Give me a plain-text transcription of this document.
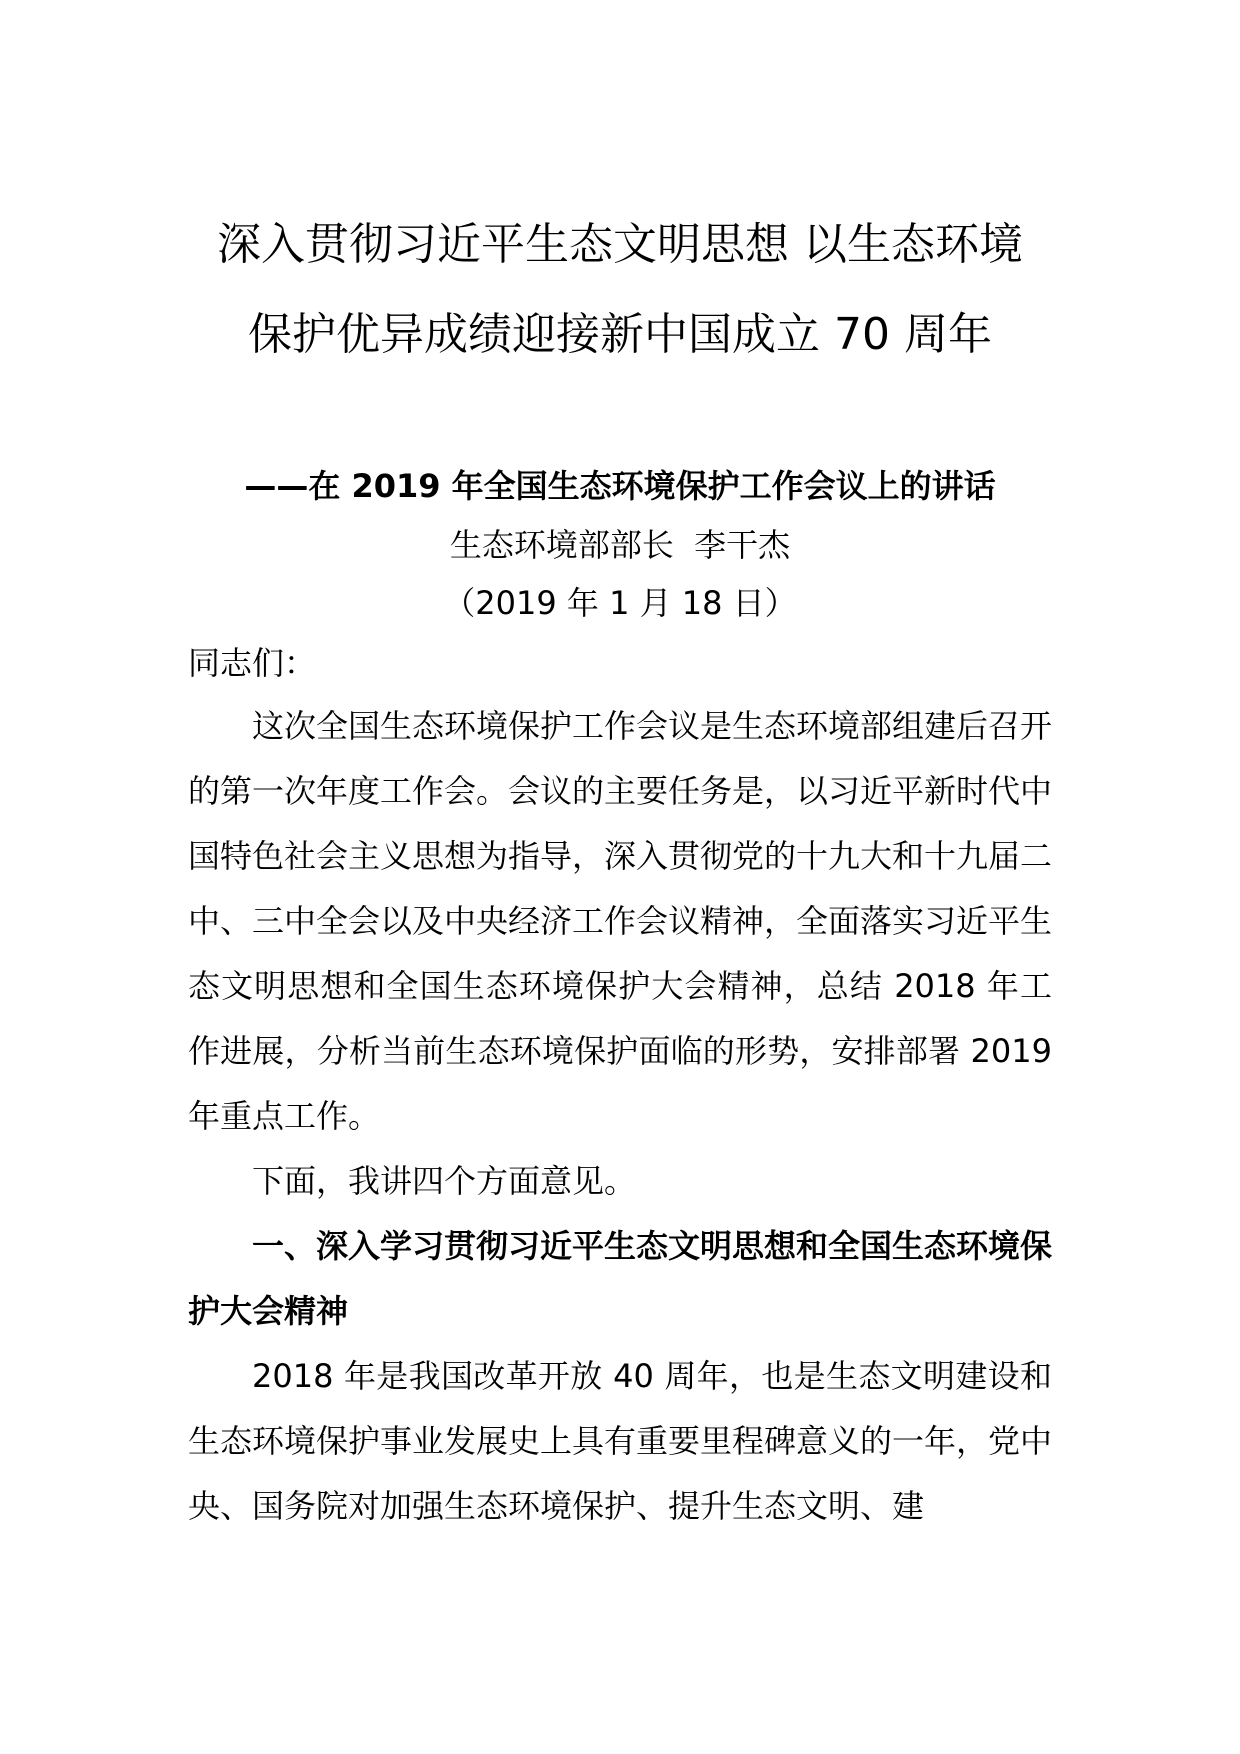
深入贯彻习近平生态文明思想 以生态环境
保护优异成绩迎接新中国成立 70 周年

——在 2019 年全国生态环境保护工作会议上的讲话

生态环境部部长  李干杰

（2019 年 1 月 18 日）

同志们：

这次全国生态环境保护工作会议是生态环境部组建后召开的第一次年度工作会。会议的主要任务是，以习近平新时代中国特色社会主义思想为指导，深入贯彻党的十九大和十九届二中、三中全会以及中央经济工作会议精神，全面落实习近平生态文明思想和全国生态环境保护大会精神，总结 2018 年工作进展，分析当前生态环境保护面临的形势，安排部署 2019 年重点工作。

下面，我讲四个方面意见。

一、深入学习贯彻习近平生态文明思想和全国生态环境保护大会精神

2018 年是我国改革开放 40 周年，也是生态文明建设和生态环境保护事业发展史上具有重要里程碑意义的一年，党中央、国务院对加强生态环境保护、提升生态文明、建
